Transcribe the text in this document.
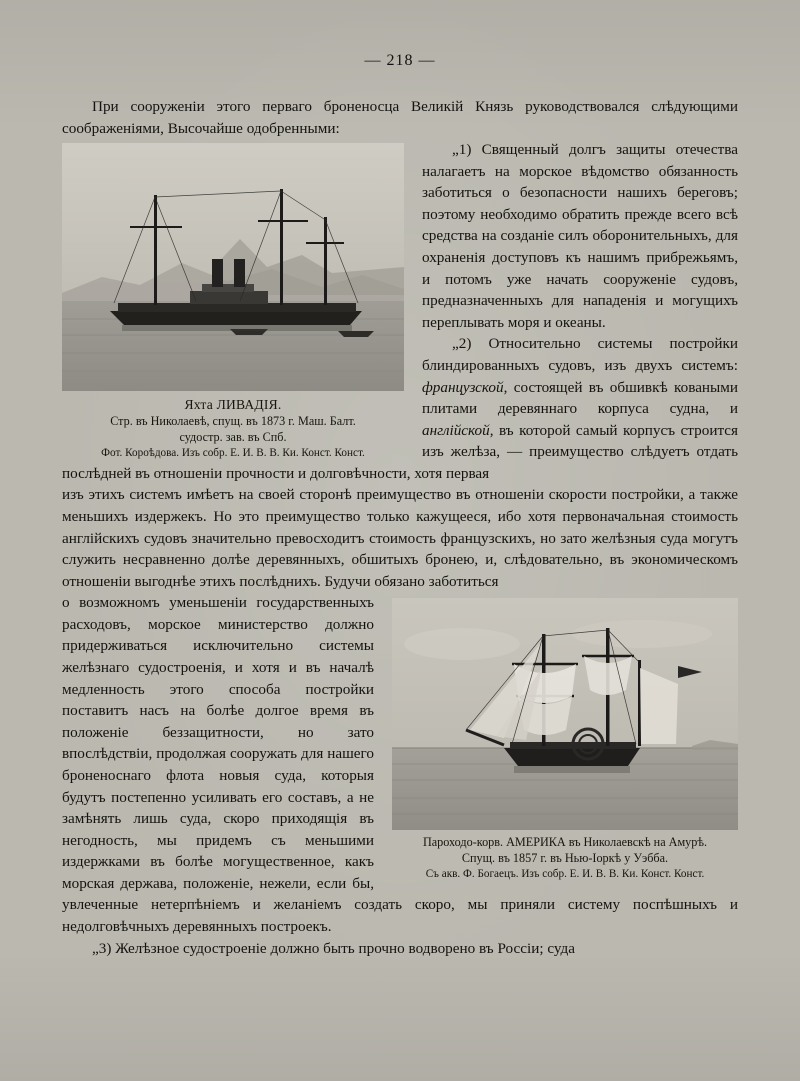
— 218 —

При сооруженіи этого перваго броненосца Великій Князь руководствовался слѣдующими соображеніями, Высочайше одобренными:

Яхта ЛИВАДІЯ.
Стр. въ Николаевѣ, спущ. въ 1873 г. Маш. Балт.
судостр. зав. въ Спб.
Фот. Короѣдова. Изъ собр. Е. И. В. В. Ки. Конст. Конст.

„1) Священный долгъ защиты отечества налагаетъ на морское вѣдомство обязанность заботиться о безопасности нашихъ береговъ; поэтому необходимо обратить прежде всего всѣ средства на созданіе силъ оборонительныхъ, для охраненія доступовъ къ нашимъ прибрежьямъ, и потомъ уже начать сооруженіе судовъ, предназначенныхъ для нападенія и могущихъ переплывать моря и океаны.

„2) Относительно системы постройки блиндированныхъ судовъ, изъ двухъ системъ: французской, состоящей въ обшивкѣ коваными плитами деревяннаго корпуса судна, и англійской, въ которой самый корпусъ строится изъ желѣза, — преимущество слѣдуетъ отдать послѣдней въ отношеніи прочности и долговѣчности, хотя первая

изъ этихъ системъ имѣетъ на своей сторонѣ преимущество въ отношеніи скорости постройки, а также меньшихъ издержекъ. Но это преимущество только кажущееся, ибо хотя первоначальная стоимость англійскихъ судовъ значительно превосходитъ стоимость французскихъ, но зато желѣзныя суда могутъ служить несравненно долѣе деревянныхъ, обшитыхъ бронею, и, слѣдовательно, въ экономическомъ отношеніи выгоднѣе этихъ послѣднихъ. Будучи обязано заботиться

Пароходо-корв. АМЕРИКА въ Николаевскѣ на Амурѣ.
Спущ. въ 1857 г. въ Нью-Іоркѣ у Уэбба.
Съ акв. Ф. Богаецъ. Изъ собр. Е. И. В. В. Ки. Конст. Конст.

о возможномъ уменьшеніи государственныхъ расходовъ, морское министерство должно придерживаться исключительно системы желѣзнаго судостроенія, и хотя и въ началѣ медленность этого способа постройки поставитъ насъ на болѣе долгое время въ положеніе беззащитности, но зато впослѣдствіи, продолжая сооружать для нашего броненоснаго флота новыя суда, которыя будутъ постепенно усиливать его составъ, а не замѣнять лишь суда, скоро приходящія въ негодность, мы придемъ съ меньшими издержками въ болѣе могущественное, какъ морская держава, положеніе, нежели, если бы, увлеченные нетерпѣніемъ и желаніемъ создать скоро, мы приняли систему поспѣшныхъ и недолговѣчныхъ деревянныхъ построекъ.

„3) Желѣзное судостроеніе должно быть прочно водворено въ Россіи; суда
